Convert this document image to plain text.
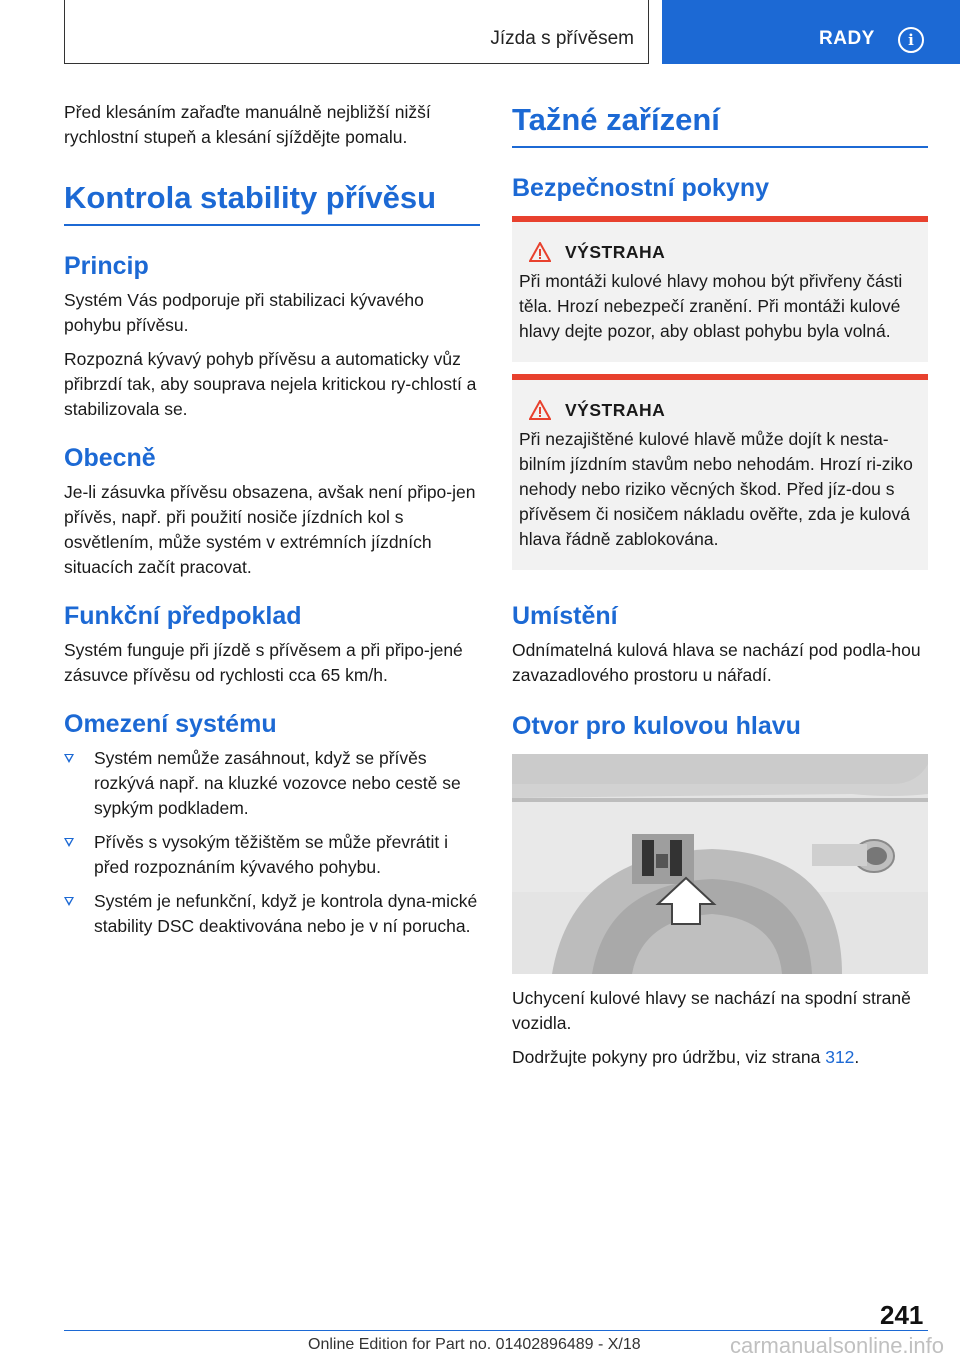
Jízda s přívěsem	RADY	i

Před klesáním zařaďte manuálně nejbližší nižší rychlostní stupeň a klesání sjíždějte pomalu.

Kontrola stability přívěsu
Princip

Systém Vás podporuje při stabilizaci kývavého pohybu přívěsu.

Rozpozná kývavý pohyb přívěsu a automaticky vůz přibrzdí tak, aby souprava nejela kritickou ry-chlostí a stabilizovala se.

Obecně

Je-li zásuvka přívěsu obsazena, avšak není připo-jen přívěs, např. při použití nosiče jízdních kol s osvětlením, může systém v extrémních jízdních situacích začít pracovat.

Funkční předpoklad

Systém funguje při jízdě s přívěsem a při připo-jené zásuvce přívěsu od rychlosti cca 65 km/h.

Omezení systému
Systém nemůže zasáhnout, když se přívěs rozkývá např. na kluzké vozovce nebo cestě se sypkým podkladem.
Přívěs s vysokým těžištěm se může převrátit i před rozpoznáním kývavého pohybu.
Systém je nefunkční, když je kontrola dyna-mické stability DSC deaktivována nebo je v ní porucha.
Tažné zařízení
Bezpečnostní pokyny
VÝSTRAHA

Při montáži kulové hlavy mohou být přivřeny části těla. Hrozí nebezpečí zranění. Při montáži kulové hlavy dejte pozor, aby oblast pohybu byla volná.

VÝSTRAHA

Při nezajištěné kulové hlavě může dojít k nesta-bilním jízdním stavům nebo nehodám. Hrozí ri-ziko nehody nebo riziko věcných škod. Před jíz-dou s přívěsem či nosičem nákladu ověřte, zda je kulová hlava řádně zablokována.

Umístění

Odnímatelná kulová hlava se nachází pod podla-hou zavazadlového prostoru u nářadí.

Otvor pro kulovou hlavu

Uchycení kulové hlavy se nachází na spodní straně vozidla.

Dodržujte pokyny pro údržbu, viz strana 312.

241
Online Edition for Part no. 01402896489 - X/18	carmanualsonline.info
